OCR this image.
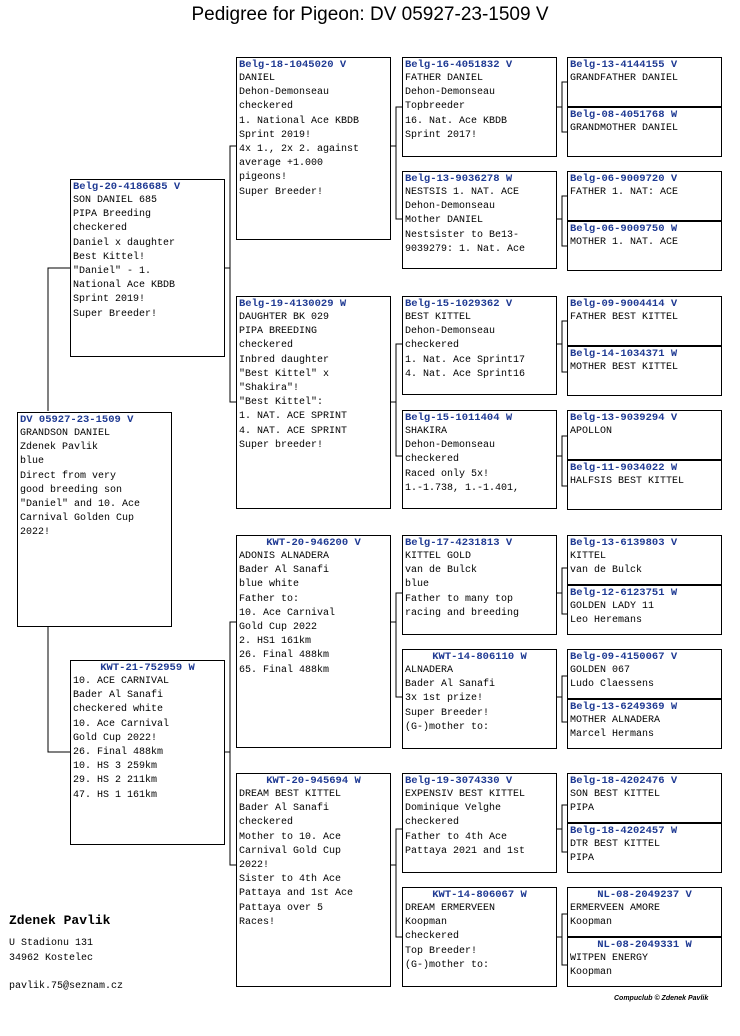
Pedigree for Pigeon: DV 05927-23-1509 V
DV 05927-23-1509 V
GRANDSON DANIEL
Zdenek Pavlik
blue
Direct from very
good breeding son
"Daniel" and 10. Ace
Carnival Golden Cup
2022!
Belg-20-4186685 V
SON DANIEL 685
PIPA Breeding
checkered
Daniel x daughter
Best Kittel!
"Daniel" - 1.
National Ace KBDB
Sprint 2019!
Super Breeder!
KWT-21-752959 W
10. ACE CARNIVAL
Bader Al Sanafi
checkered white
10. Ace Carnival
Gold Cup 2022!
26. Final 488km
10. HS 3 259km
29. HS 2 211km
47. HS 1 161km
Belg-18-1045020 V
DANIEL
Dehon-Demonseau
checkered
1. National Ace KBDB
Sprint 2019!
4x 1., 2x 2. against
average +1.000
pigeons!
Super Breeder!
Belg-19-4130029 W
DAUGHTER BK 029
PIPA BREEDING
checkered
Inbred daughter
"Best Kittel" x
"Shakira"!
"Best Kittel":
1. NAT. ACE SPRINT
4. NAT. ACE SPRINT
Super breeder!
KWT-20-946200 V
ADONIS ALNADERA
Bader Al Sanafi
blue white
Father to:
10. Ace Carnival
Gold Cup 2022
2. HS1 161km
26. Final 488km
65. Final 488km
KWT-20-945694 W
DREAM BEST KITTEL
Bader Al Sanafi
checkered
Mother to 10. Ace
Carnival Gold Cup
2022!
Sister to 4th Ace
Pattaya and 1st Ace
Pattaya over 5
Races!
Belg-16-4051832 V
FATHER DANIEL
Dehon-Demonseau
Topbreeder
16. Nat. Ace KBDB
Sprint 2017!
Belg-13-9036278 W
NESTSIS 1. NAT. ACE
Dehon-Demonseau
Mother DANIEL
Nestsister to Be13-
9039279: 1. Nat. Ace
Belg-15-1029362 V
BEST KITTEL
Dehon-Demonseau
checkered
1. Nat. Ace Sprint17
4. Nat. Ace Sprint16
Belg-15-1011404 W
SHAKIRA
Dehon-Demonseau
checkered
Raced only 5x!
1.-1.738, 1.-1.401,
Belg-17-4231813 V
KITTEL GOLD
van de Bulck
blue
Father to many top
racing and breeding
KWT-14-806110 W
ALNADERA
Bader Al Sanafi
3x 1st prize!
Super Breeder!
(G-)mother to:
Belg-19-3074330 V
EXPENSIV BEST KITTEL
Dominique Velghe
checkered
Father to 4th Ace
Pattaya 2021 and 1st
KWT-14-806067 W
DREAM ERMERVEEN
Koopman
checkered
Top Breeder!
(G-)mother to:
Belg-13-4144155 V
GRANDFATHER DANIEL
Belg-08-4051768 W
GRANDMOTHER DANIEL
Belg-06-9009720 V
FATHER 1. NAT: ACE
Belg-06-9009750 W
MOTHER 1. NAT. ACE
Belg-09-9004414 V
FATHER BEST KITTEL
Belg-14-1034371 W
MOTHER BEST KITTEL
Belg-13-9039294 V
APOLLON
Belg-11-9034022 W
HALFSIS BEST KITTEL
Belg-13-6139803 V
KITTEL
van de Bulck
Belg-12-6123751 W
GOLDEN LADY 11
Leo Heremans
Belg-09-4150067 V
GOLDEN 067
Ludo Claessens
Belg-13-6249369 W
MOTHER ALNADERA
Marcel Hermans
Belg-18-4202476 V
SON BEST KITTEL
PIPA
Belg-18-4202457 W
DTR BEST KITTEL
PIPA
NL-08-2049237 V
ERMERVEEN AMORE
Koopman
NL-08-2049331 W
WITPEN ENERGY
Koopman
Zdenek Pavlik
U Stadionu 131
34962 Kostelec
pavlik.75@seznam.cz
Compuclub © Zdenek Pavlik
